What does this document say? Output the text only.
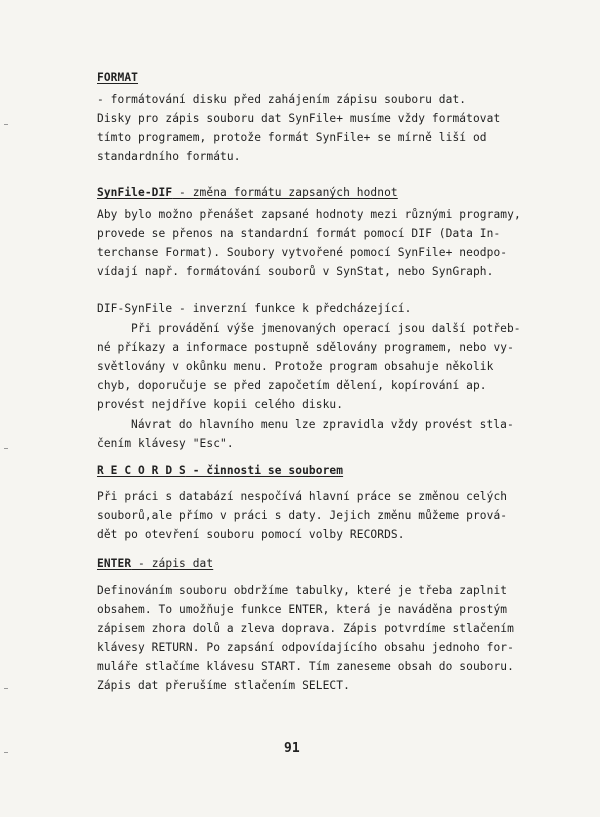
FORMAT
- formátování disku před zahájením zápisu souboru dat.
Disky pro zápis souboru dat SynFile+ musíme vždy formátovat
tímto programem, protože formát SynFile+ se mírně liší od
standardního formátu.
SynFile-DIF - změna formátu zapsaných hodnot
Aby bylo možno přenášet zapsané hodnoty mezi různými programy,
provede se přenos na standardní formát pomocí DIF (Data In-
terchanse Format). Soubory vytvořené pomocí SynFile+ neodpo-
vídají např. formátování souborů v SynStat, nebo SynGraph.
DIF-SynFile - inverzní funkce k předcházející.
Při provádění výše jmenovaných operací jsou další potřeb-
né příkazy a informace postupně sdělovány programem, nebo vy-
světlovány v okůnku menu. Protože program obsahuje několik
chyb, doporučuje se před započetím dělení, kopírování ap.
provést nejdříve kopii celého disku.
Návrat do hlavního menu lze zpravidla vždy provést stla-
čením klávesy "Esc".
R E C O R D S - činnosti se souborem
Při práci s databází nespočívá hlavní práce se změnou celých
souborů,ale přímo v práci s daty. Jejich změnu můžeme prová-
dět po otevření souboru pomocí volby RECORDS.
ENTER - zápis dat
Definováním souboru obdržíme tabulky, které je třeba zaplnit
obsahem. To umožňuje funkce ENTER, která je naváděna prostým
zápisem zhora dolů a zleva doprava. Zápis potvrdíme stlačením
klávesy RETURN. Po zapsání odpovídajícího obsahu jednoho for-
muláře stlačíme klávesu START. Tím zaneseme obsah do souboru.
Zápis dat přerušíme stlačením SELECT.
91
